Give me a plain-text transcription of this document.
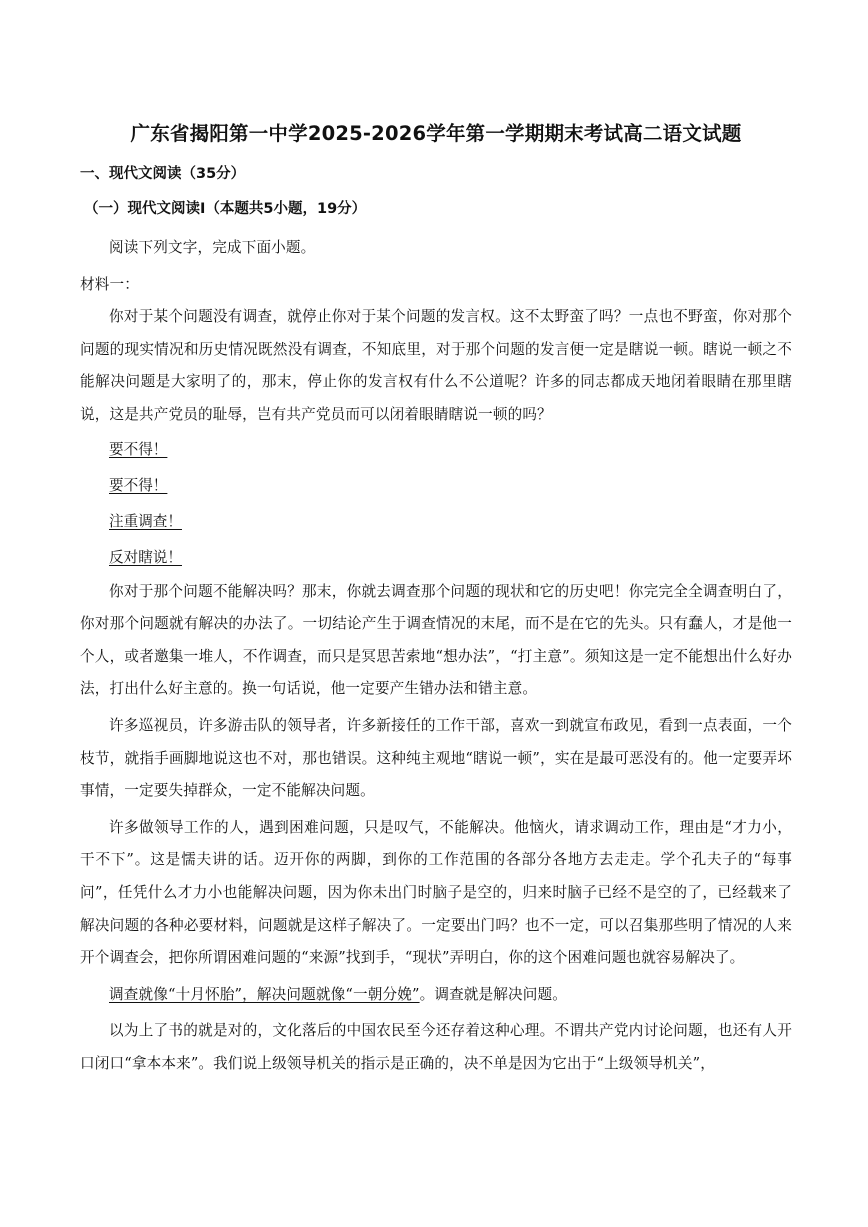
广东省揭阳第一中学2025-2026学年第一学期期末考试高二语文试题
一、现代文阅读（35分）
（一）现代文阅读Ⅰ（本题共5小题，19分）

阅读下列文字，完成下面小题。

材料一：

你对于某个问题没有调查，就停止你对于某个问题的发言权。这不太野蛮了吗？一点也不野蛮，你对那个问题的现实情况和历史情况既然没有调查，不知底里，对于那个问题的发言便一定是瞎说一顿。瞎说一顿之不能解决问题是大家明了的，那末，停止你的发言权有什么不公道呢？许多的同志都成天地闭着眼睛在那里瞎说，这是共产党员的耻辱，岂有共产党员而可以闭着眼睛瞎说一顿的吗？

要不得！
要不得！
注重调查！
反对瞎说！

你对于那个问题不能解决吗？那末，你就去调查那个问题的现状和它的历史吧！你完完全全调查明白了，你对那个问题就有解决的办法了。一切结论产生于调查情况的末尾，而不是在它的先头。只有蠢人，才是他一个人，或者邀集一堆人，不作调查，而只是冥思苦索地“想办法”，“打主意”。须知这是一定不能想出什么好办法，打出什么好主意的。换一句话说，他一定要产生错办法和错主意。

许多巡视员，许多游击队的领导者，许多新接任的工作干部，喜欢一到就宣布政见，看到一点表面，一个枝节，就指手画脚地说这也不对，那也错误。这种纯主观地“瞎说一顿”，实在是最可恶没有的。他一定要弄坏事情，一定要失掉群众，一定不能解决问题。

许多做领导工作的人，遇到困难问题，只是叹气，不能解决。他恼火，请求调动工作，理由是“才力小，干不下”。这是懦夫讲的话。迈开你的两脚，到你的工作范围的各部分各地方去走走。学个孔夫子的“每事问”，任凭什么才力小也能解决问题，因为你未出门时脑子是空的，归来时脑子已经不是空的了，已经载来了解决问题的各种必要材料，问题就是这样子解决了。一定要出门吗？也不一定，可以召集那些明了情况的人来开个调查会，把你所谓困难问题的“来源”找到手，“现状”弄明白，你的这个困难问题也就容易解决了。

调查就像“十月怀胎”，解决问题就像“一朝分娩”。调查就是解决问题。

以为上了书的就是对的，文化落后的中国农民至今还存着这种心理。不谓共产党内讨论问题，也还有人开口闭口“拿本本来”。我们说上级领导机关的指示是正确的，决不单是因为它出于“上级领导机关”，
